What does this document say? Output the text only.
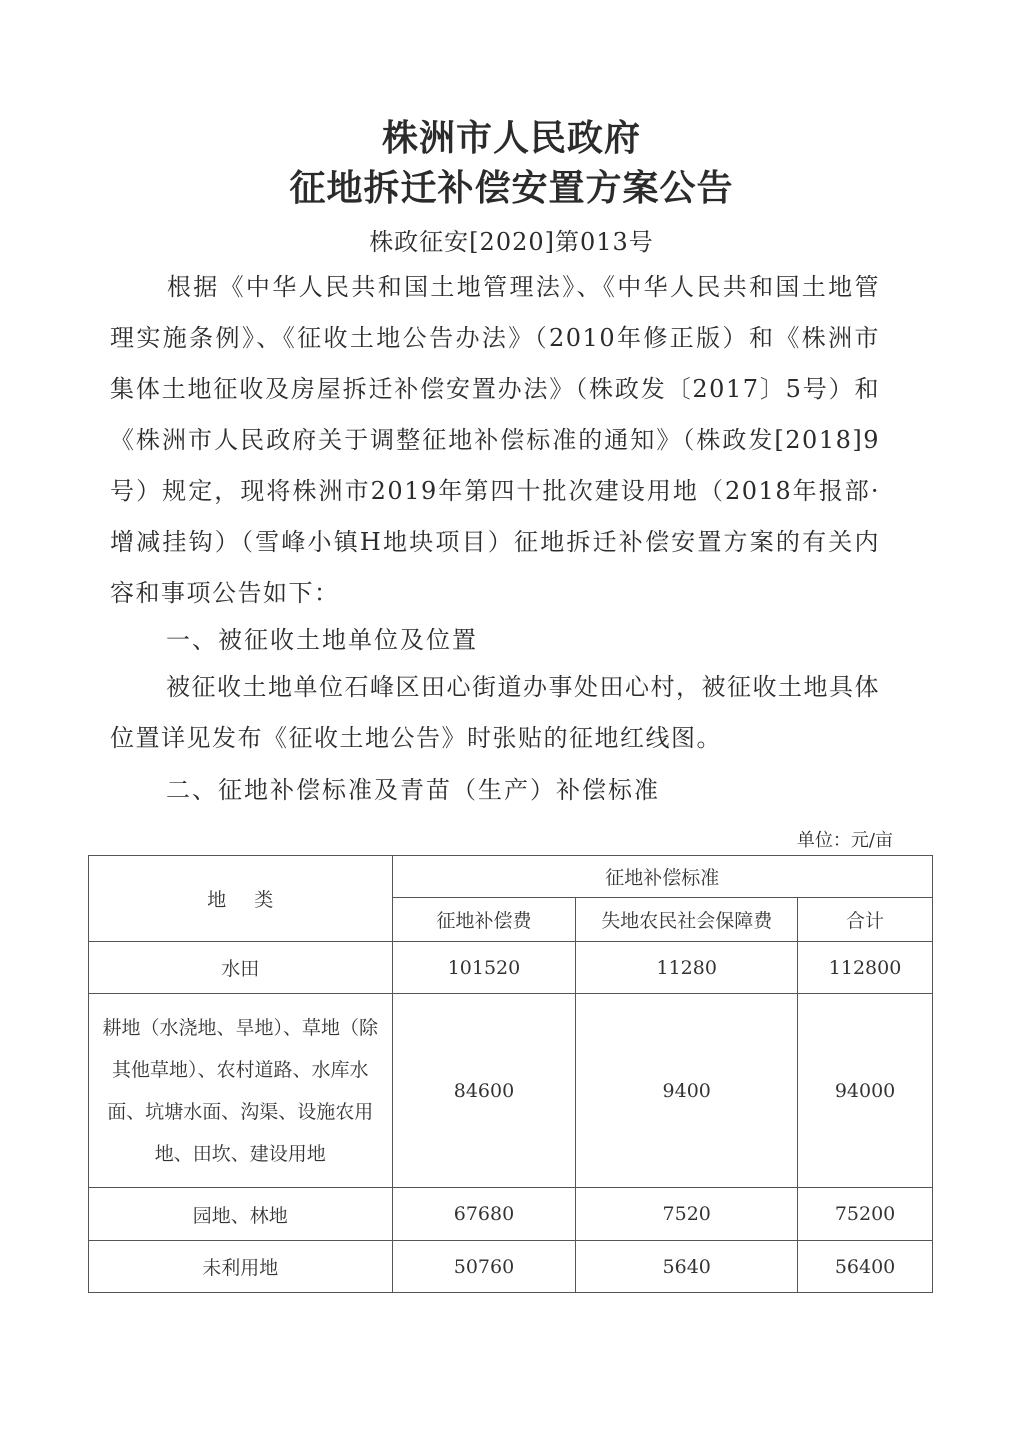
株洲市人民政府
征地拆迁补偿安置方案公告
株政征安[2020]第013号
根据《中华人民共和国土地管理法》、《中华人民共和国土地管理实施条例》、《征收土地公告办法》（2010年修正版）和《株洲市集体土地征收及房屋拆迁补偿安置办法》（株政发〔2017〕5号）和《株洲市人民政府关于调整征地补偿标准的通知》（株政发[2018]9号）规定，现将株洲市2019年第四十批次建设用地（2018年报部·增减挂钩）（雪峰小镇H地块项目）征地拆迁补偿安置方案的有关内容和事项公告如下：
一、被征收土地单位及位置
被征收土地单位石峰区田心街道办事处田心村，被征收土地具体位置详见发布《征收土地公告》时张贴的征地红线图。
二、征地补偿标准及青苗（生产）补偿标准
单位：元/亩
地 类	征地补偿标准		
	征地补偿费	失地农民社会保障费	合计
水田	101520	11280	112800
耕地（水浇地、旱地）、草地（除其他草地）、农村道路、水库水面、坑塘水面、沟渠、设施农用地、田坎、建设用地	84600	9400	94000
园地、林地	67680	7520	75200
未利用地	50760	5640	56400
